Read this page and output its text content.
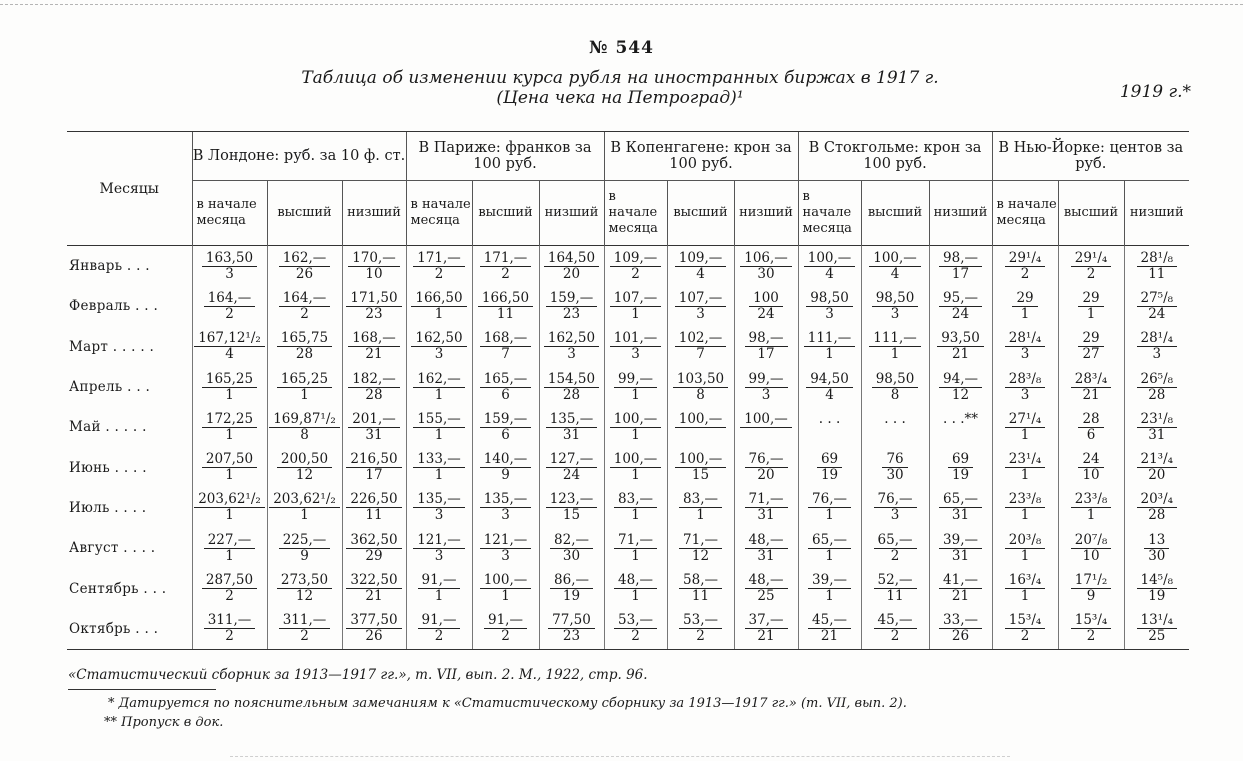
№ 544
Таблица об изменении курса рубля на иностранных биржах в 1917 г.
(Цена чека на Петроград)¹	1919 г.*
Месяцы	В Лондоне: руб. за 10 ф. ст.			В Париже: франков за 100 руб.			В Копенгагене: крон за 100 руб.			В Стокгольме: крон за 100 руб.			В Нью-Йорке: центов за руб.		
	в начале месяца	высший	низший	в начале месяца	высший	низший	в начале месяца	высший	низший	в начале месяца	высший	низший	в начале месяца	высший	низший
Январь . . .	$\frac{163,50}{3}$	$\frac{162,—}{26}$	$\frac{170,—}{10}$	$\frac{171,—}{2}$	$\frac{171,—}{2}$	$\frac{164,50}{20}$	$\frac{109,—}{2}$	$\frac{109,—}{4}$	$\frac{106,—}{30}$	$\frac{100,—}{4}$	$\frac{100,—}{4}$	$\frac{98,—}{17}$	$\frac{\text{29¹/₄}}{2}$	$\frac{\text{29¹/₄}}{2}$	$\frac{\text{28¹/₈}}{11}$

Февраль . . .	$\frac{164,—}{2}$	$\frac{164,—}{2}$	$\frac{171,50}{23}$	$\frac{166,50}{1}$	$\frac{166,50}{11}$	$\frac{159,—}{23}$	$\frac{107,—}{1}$	$\frac{107,—}{3}$	$\frac{100}{24}$	$\frac{98,50}{3}$	$\frac{98,50}{3}$	$\frac{95,—}{24}$	$\frac{29}{1}$	$\frac{29}{1}$	$\frac{\text{27⁵/₈}}{24}$

Март . . . . .	$\frac{\text{167,12¹/₂}}{4}$	$\frac{165,75}{28}$	$\frac{168,—}{21}$	$\frac{162,50}{3}$	$\frac{168,—}{7}$	$\frac{162,50}{3}$	$\frac{101,—}{3}$	$\frac{102,—}{7}$	$\frac{98,—}{17}$	$\frac{111,—}{1}$	$\frac{111,—}{1}$	$\frac{93,50}{21}$	$\frac{\text{28¹/₄}}{3}$	$\frac{29}{27}$	$\frac{\text{28¹/₄}}{3}$

Апрель . . .	$\frac{165,25}{1}$	$\frac{165,25}{1}$	$\frac{182,—}{28}$	$\frac{162,—}{1}$	$\frac{165,—}{6}$	$\frac{154,50}{28}$	$\frac{99,—}{1}$	$\frac{103,50}{8}$	$\frac{99,—}{3}$	$\frac{94,50}{4}$	$\frac{98,50}{8}$	$\frac{94,—}{12}$	$\frac{\text{28³/₈}}{3}$	$\frac{\text{28³/₄}}{21}$	$\frac{\text{26⁵/₈}}{28}$

Май . . . . .	$\frac{172,25}{1}$	$\frac{\text{169,87¹/₂}}{8}$	$\frac{201,—}{31}$	$\frac{155,—}{1}$	$\frac{159,—}{6}$	$\frac{135,—}{31}$	$\frac{100,—}{1}$	100,—	100,—	. . .	. . .	. . .**	$\frac{\text{27¹/₄}}{1}$	$\frac{28}{6}$	$\frac{\text{23¹/₈}}{31}$

Июнь . . . .	$\frac{207,50}{1}$	$\frac{200,50}{12}$	$\frac{216,50}{17}$	$\frac{133,—}{1}$	$\frac{140,—}{9}$	$\frac{127,—}{24}$	$\frac{100,—}{1}$	$\frac{100,—}{15}$	$\frac{76,—}{20}$	$\frac{69}{19}$	$\frac{76}{30}$	$\frac{69}{19}$	$\frac{\text{23¹/₄}}{1}$	$\frac{24}{10}$	$\frac{\text{21³/₄}}{20}$

Июль . . . .	$\frac{\text{203,62¹/₂}}{1}$	$\frac{\text{203,62¹/₂}}{1}$	$\frac{226,50}{11}$	$\frac{135,—}{3}$	$\frac{135,—}{3}$	$\frac{123,—}{15}$	$\frac{83,—}{1}$	$\frac{83,—}{1}$	$\frac{71,—}{31}$	$\frac{76,—}{1}$	$\frac{76,—}{3}$	$\frac{65,—}{31}$	$\frac{\text{23³/₈}}{1}$	$\frac{\text{23³/₈}}{1}$	$\frac{\text{20³/₄}}{28}$

Август . . . .	$\frac{227,—}{1}$	$\frac{225,—}{9}$	$\frac{362,50}{29}$	$\frac{121,—}{3}$	$\frac{121,—}{3}$	$\frac{82,—}{30}$	$\frac{71,—}{1}$	$\frac{71,—}{12}$	$\frac{48,—}{31}$	$\frac{65,—}{1}$	$\frac{65,—}{2}$	$\frac{39,—}{31}$	$\frac{\text{20³/₈}}{1}$	$\frac{\text{20⁷/₈}}{10}$	$\frac{13}{30}$

Сентябрь . . .	$\frac{287,50}{2}$	$\frac{273,50}{12}$	$\frac{322,50}{21}$	$\frac{91,—}{1}$	$\frac{100,—}{1}$	$\frac{86,—}{19}$	$\frac{48,—}{1}$	$\frac{58,—}{11}$	$\frac{48,—}{25}$	$\frac{39,—}{1}$	$\frac{52,—}{11}$	$\frac{41,—}{21}$	$\frac{\text{16³/₄}}{1}$	$\frac{\text{17¹/₂}}{9}$	$\frac{\text{14⁵/₈}}{19}$

Октябрь . . .	$\frac{311,—}{2}$	$\frac{311,—}{2}$	$\frac{377,50}{26}$	$\frac{91,—}{2}$	$\frac{91,—}{2}$	$\frac{77,50}{23}$	$\frac{53,—}{2}$	$\frac{53,—}{2}$	$\frac{37,—}{21}$	$\frac{45,—}{21}$	$\frac{45,—}{2}$	$\frac{33,—}{26}$	$\frac{\text{15³/₄}}{2}$	$\frac{\text{15³/₄}}{2}$	$\frac{\text{13¹/₄}}{25}$
«Статистический сборник за 1913—1917 гг.», т. VII, вып. 2. М., 1922, стр. 96.
* Датируется по пояснительным замечаниям к «Статистическому сборнику за 1913—1917 гг.» (т. VII, вып. 2).
** Пропуск в док.
